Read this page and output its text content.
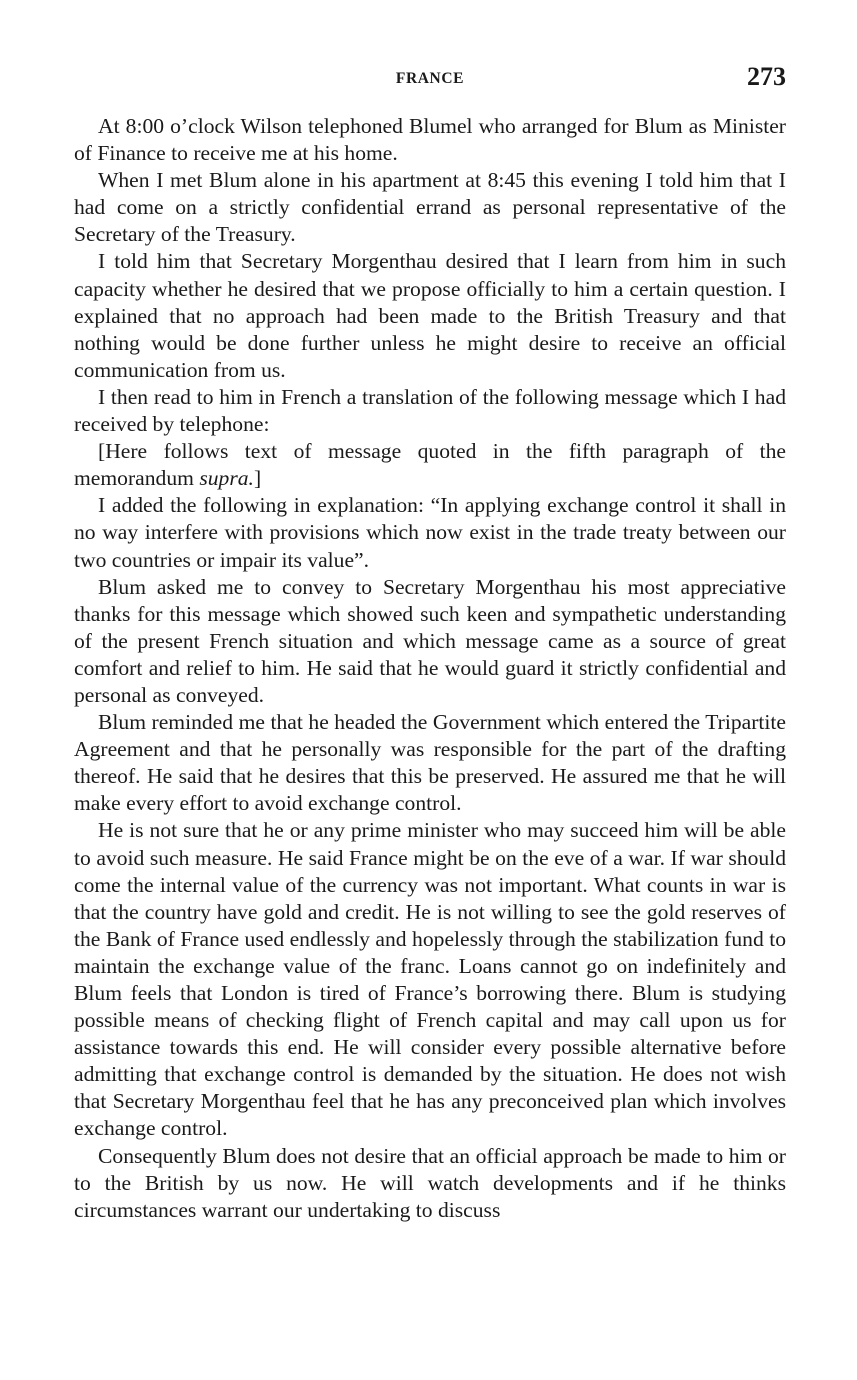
FRANCE	273

At 8:00 o’clock Wilson telephoned Blumel who arranged for Blum as Minister of Finance to receive me at his home.

When I met Blum alone in his apartment at 8:45 this evening I told him that I had come on a strictly confidential errand as personal representative of the Secretary of the Treasury.

I told him that Secretary Morgenthau desired that I learn from him in such capacity whether he desired that we propose officially to him a certain question. I explained that no approach had been made to the British Treasury and that nothing would be done further unless he might desire to receive an official communication from us.

I then read to him in French a translation of the following message which I had received by telephone:

[Here follows text of message quoted in the fifth paragraph of the memorandum supra.]

I added the following in explanation: “In applying exchange control it shall in no way interfere with provisions which now exist in the trade treaty between our two countries or impair its value”.

Blum asked me to convey to Secretary Morgenthau his most appreciative thanks for this message which showed such keen and sympathetic understanding of the present French situation and which message came as a source of great comfort and relief to him. He said that he would guard it strictly confidential and personal as conveyed.

Blum reminded me that he headed the Government which entered the Tripartite Agreement and that he personally was responsible for the part of the drafting thereof. He said that he desires that this be preserved. He assured me that he will make every effort to avoid exchange control.

He is not sure that he or any prime minister who may succeed him will be able to avoid such measure. He said France might be on the eve of a war. If war should come the internal value of the currency was not important. What counts in war is that the country have gold and credit. He is not willing to see the gold reserves of the Bank of France used endlessly and hopelessly through the stabilization fund to maintain the exchange value of the franc. Loans cannot go on indefinitely and Blum feels that London is tired of France’s borrowing there. Blum is studying possible means of checking flight of French capital and may call upon us for assistance towards this end. He will consider every possible alternative before admitting that exchange control is demanded by the situation. He does not wish that Secretary Morgenthau feel that he has any preconceived plan which involves exchange control.

Consequently Blum does not desire that an official approach be made to him or to the British by us now. He will watch developments and if he thinks circumstances warrant our undertaking to discuss
